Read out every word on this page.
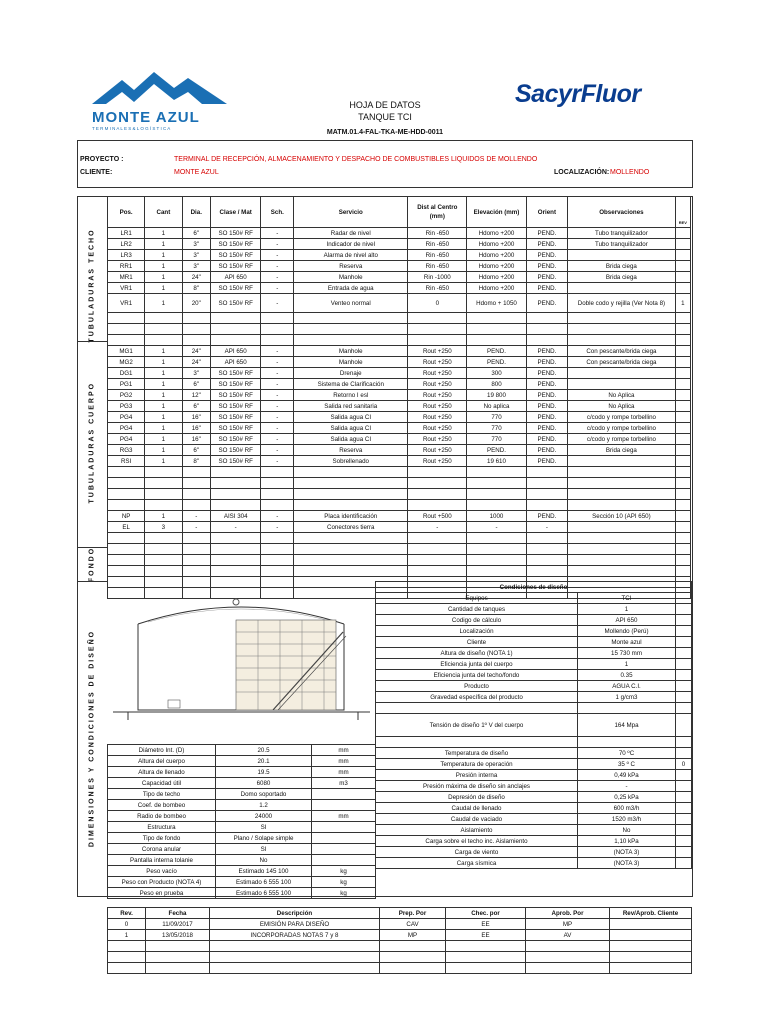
MONTE AZUL
T E R M I N A L E S & L O G Í S T I C A
HOJA DE DATOS
TANQUE TCI
SacyrFluor
MATM.01.4-FAL-TKA-ME-HDD-0011
PROYECTO :	TERMINAL DE RECEPCIÓN, ALMACENAMIENTO Y DESPACHO DE COMBUSTIBLES LIQUIDOS DE MOLLENDO
CLIENTE:	MONTE AZUL	LOCALIZACIÓN: MOLLENDO
TUBULADURAS TECHO
TUBULADURAS CUERPO
FONDO
DIMENSIONES Y CONDICIONES DE DISEÑO
Pos.	Cant	Dia.	Clase / Mat	Sch.	Servicio	Dist al Centro (mm)	Elevación (mm)	Orient	Observaciones	REV
LR1	1	6"	SO 150# RF	-	Radar de nivel	Rin -650	Hdomo +200	PEND.	Tubo tranquilizador	
LR2	1	3"	SO 150# RF	-	Indicador de nivel	Rin -650	Hdomo +200	PEND.	Tubo tranquilizador	
LR3	1	3"	SO 150# RF	-	Alarma de nivel alto	Rin -650	Hdomo +200	PEND.		
RR1	1	3"	SO 150# RF	-	Reserva	Rin -650	Hdomo +200	PEND.	Brida ciega	
MR1	1	24"	API 650	-	Manhole	Rin -1000	Hdomo +200	PEND.	Brida ciega	
VR1	1	8"	SO 150# RF	-	Entrada de agua	Rin -650	Hdomo +200	PEND.		
VR1	1	20"	SO 150# RF	-	Venteo normal	0	Hdomo + 1050	PEND.	Doble codo y rejilla (Ver Nota 8)	1

MG1	1	24"	API 650	-	Manhole	Rout +250	PEND.	PEND.	Con pescante/brida ciega	
MG2	1	24"	API 650	-	Manhole	Rout +250	PEND.	PEND.	Con pescante/brida ciega	
DG1	1	3"	SO 150# RF	-	Drenaje	Rout +250	300	PEND.		
PG1	1	6"	SO 150# RF	-	Sistema de Clarificación	Rout +250	800	PEND.		
PG2	1	12"	SO 150# RF	-	Retorno I esl	Rout +250	19 800	PEND.	No Aplica	
PG3	1	6"	SO 150# RF	-	Salida red sanitaria	Rout +250	No aplica	PEND.	No Aplica	
PG4	1	16"	SO 150# RF	-	Salida agua CI	Rout +250	770	PEND.	c/codo y rompe torbellino	
PG4	1	16"	SO 150# RF	-	Salida agua CI	Rout +250	770	PEND.	c/codo y rompe torbellino	
PG4	1	16"	SO 150# RF	-	Salida agua CI	Rout +250	770	PEND.	c/codo y rompe torbellino	
RG3	1	6"	SO 150# RF	-	Reserva	Rout +250	PEND.	PEND.	Brida ciega	
RSI	1	8"	SO 150# RF	-	Sobrellenado	Rout +250	19 610	PEND.		

NP	1	-	AISI 304	-	Placa identificación	Rout +500	1000	PEND.	Sección 10 (API 650)	
EL	3	-	-	-	Conectores tierra	-	-	-		

Condiciones de diseño		
Equipos	TCI	
Cantidad de tanques	1	
Codigo de cálculo	API 650	
Localización	Mollendo (Perú)	
Cliente	Monte azul	
Altura de diseño (NOTA 1)	15 730 mm	
Eficiencia junta del cuerpo	1	
Eficiencia junta del techo/fondo	0.35	
Producto	AGUA C.I.	
Gravedad específica del producto	1 g/cm3	

Tensión de diseño 1º V del cuerpo	164 Mpa	

Temperatura de diseño	70 ºC	
Temperatura de operación	35 º C	0
Presión interna	0,49 kPa	
Presión máxima de diseño sin anclajes	-	
Depresión de diseño	0,25 kPa	
Caudal de llenado	600 m3/h	
Caudal de vaciado	1520 m3/h	
Aislamiento	No	
Carga sobre el techo inc. Aislamiento	1,10 kPa	
Carga de viento	(NOTA 3)	
Carga sísmica	(NOTA 3)	
Diámetro Int. (D)	20.5	mm
Altura del cuerpo	20.1	mm
Altura de llenado	19.5	mm
Capacidad útil	6080	m3
Tipo de techo	Domo soportado	
Coef. de bombeo	1.2	
Radio de bombeo	24000	mm
Estructura	SI	
Tipo de fondo	Plano / Solape simple	
Corona anular	SI	
Pantalla interna tolanie	No	
Peso vacío	Estimado 145 100	kg
Peso con Producto (NOTA 4)	Estimado 6 555 100	kg
Peso en prueba	Estimado 6 555 100	kg
Rev.	Fecha	Descripción	Prep. Por	Chec. por	Aprob. Por	Rev/Aprob. Cliente
0	11/09/2017	EMISIÓN PARA DISEÑO	CAV	EE	MP	
1	13/05/2018	INCORPORADAS NOTAS 7 y 8	MP	EE	AV	
